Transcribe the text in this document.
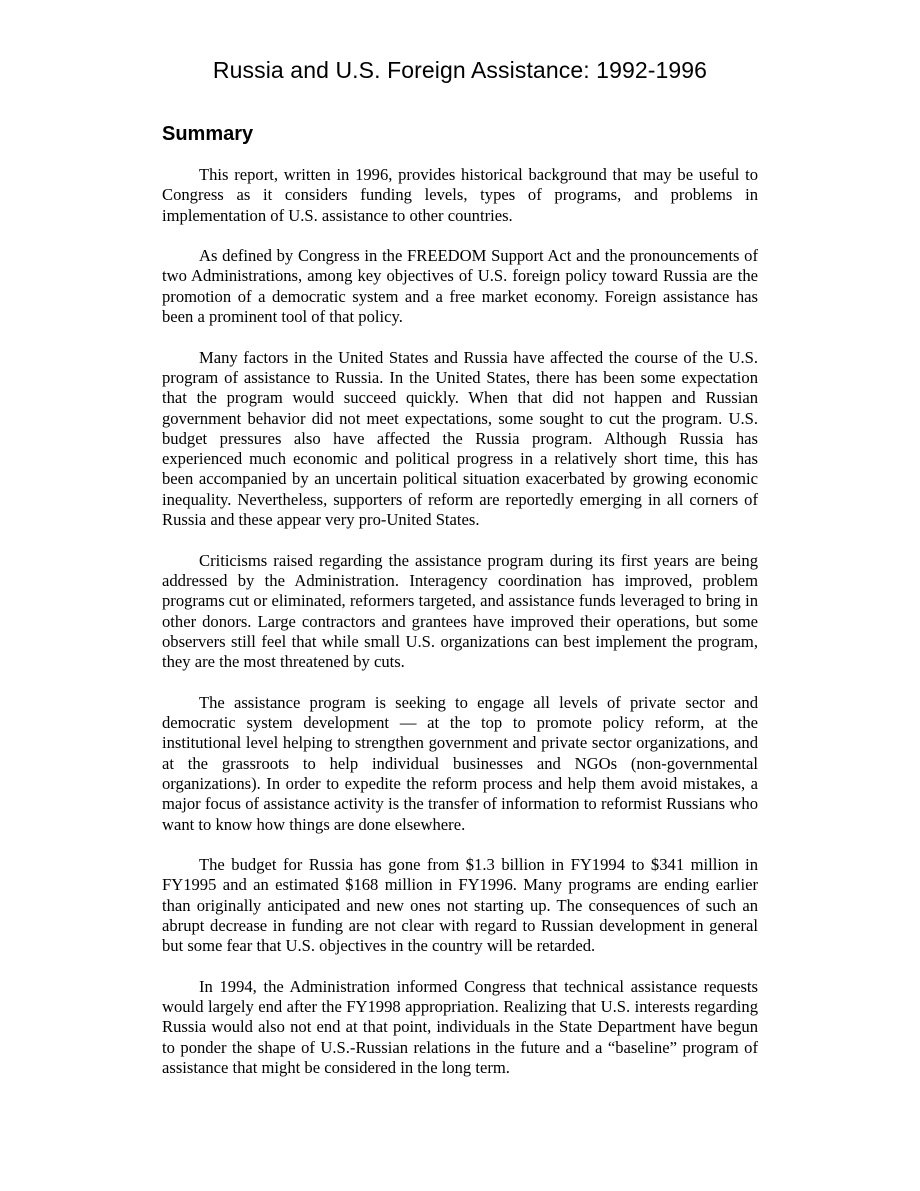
Russia and U.S. Foreign Assistance: 1992-1996
Summary

This report, written in 1996, provides historical background that may be useful to Congress as it considers funding levels, types of programs, and problems in implementation of U.S. assistance to other countries.

As defined by Congress in the FREEDOM Support Act and the pronouncements of two Administrations, among key objectives of U.S. foreign policy toward Russia are the promotion of a democratic system and a free market economy. Foreign assistance has been a prominent tool of that policy.

Many factors in the United States and Russia have affected the course of the U.S. program of assistance to Russia. In the United States, there has been some expectation that the program would succeed quickly. When that did not happen and Russian government behavior did not meet expectations, some sought to cut the program. U.S. budget pressures also have affected the Russia program. Although Russia has experienced much economic and political progress in a relatively short time, this has been accompanied by an uncertain political situation exacerbated by growing economic inequality. Nevertheless, supporters of reform are reportedly emerging in all corners of Russia and these appear very pro-United States.

Criticisms raised regarding the assistance program during its first years are being addressed by the Administration. Interagency coordination has improved, problem programs cut or eliminated, reformers targeted, and assistance funds leveraged to bring in other donors. Large contractors and grantees have improved their operations, but some observers still feel that while small U.S. organizations can best implement the program, they are the most threatened by cuts.

The assistance program is seeking to engage all levels of private sector and democratic system development — at the top to promote policy reform, at the institutional level helping to strengthen government and private sector organizations, and at the grassroots to help individual businesses and NGOs (non-governmental organizations). In order to expedite the reform process and help them avoid mistakes, a major focus of assistance activity is the transfer of information to reformist Russians who want to know how things are done elsewhere.

The budget for Russia has gone from $1.3 billion in FY1994 to $341 million in FY1995 and an estimated $168 million in FY1996. Many programs are ending earlier than originally anticipated and new ones not starting up. The consequences of such an abrupt decrease in funding are not clear with regard to Russian development in general but some fear that U.S. objectives in the country will be retarded.

In 1994, the Administration informed Congress that technical assistance requests would largely end after the FY1998 appropriation. Realizing that U.S. interests regarding Russia would also not end at that point, individuals in the State Department have begun to ponder the shape of U.S.-Russian relations in the future and a “baseline” program of assistance that might be considered in the long term.
